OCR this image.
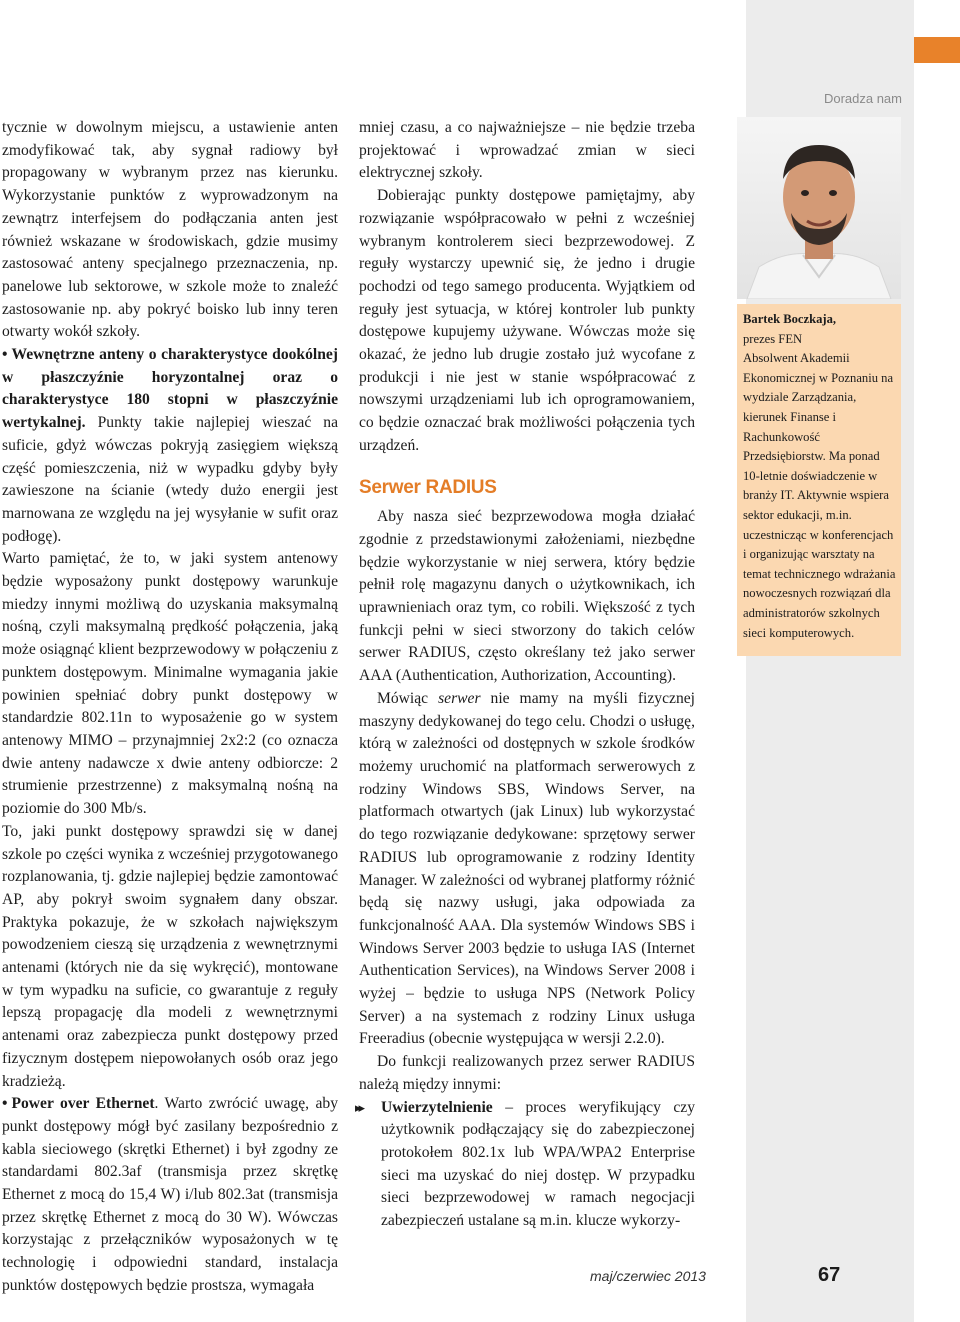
Doradza nam

tycznie w dowolnym miejscu, a ustawienie anten zmodyfikować tak, aby sygnał radiowy był propagowany w wybranym przez nas kierunku. Wykorzystanie punktów z wyprowadzonym na zewnątrz interfejsem do podłączania anten jest również wskazane w środowiskach, gdzie musimy zastosować anteny specjalnego przeznaczenia, np. panelowe lub sektorowe, w szkole może to znaleźć zastosowanie np. aby pokryć boisko lub inny teren otwarty wokół szkoły.

• Wewnętrzne anteny o charakterystyce dookólnej w płaszczyźnie horyzontalnej oraz o charakterystyce 180 stopni w płaszczyźnie wertykalnej. Punkty takie najlepiej wieszać na suficie, gdyż wówczas pokryją zasięgiem większą część pomieszczenia, niż w wypadku gdyby były zawieszone na ścianie (wtedy dużo energii jest marnowana ze względu na jej wysyłanie w sufit oraz podłogę).

Warto pamiętać, że to, w jaki system antenowy będzie wyposażony punkt dostępowy warunkuje miedzy innymi możliwą do uzyskania maksymalną nośną, czyli maksymalną prędkość połączenia, jaką może osiągnąć klient bezprzewodowy w połączeniu z punktem dostępowym. Minimalne wymagania jakie powinien spełniać dobry punkt dostępowy w standardzie 802.11n to wyposażenie go w system antenowy MIMO – przynajmniej 2x2:2 (co oznacza dwie anteny nadawcze x dwie anteny odbiorcze: 2 strumienie przestrzenne) z maksymalną nośną na poziomie do 300 Mb/s.

To, jaki punkt dostępowy sprawdzi się w danej szkole po części wynika z wcześniej przygotowanego rozplanowania, tj. gdzie najlepiej będzie zamontować AP, aby pokrył swoim sygnałem dany obszar. Praktyka pokazuje, że w szkołach największym powodzeniem cieszą się urządzenia z wewnętrznymi antenami (których nie da się wykręcić), montowane w tym wypadku na suficie, co gwarantuje z reguły lepszą propagację dla modeli z wewnętrznymi antenami oraz zabezpiecza punkt dostępowy przed fizycznym dostępem niepowołanych osób oraz jego kradzieżą.

• Power over Ethernet. Warto zwrócić uwagę, aby punkt dostępowy mógł być zasilany bezpośrednio z kabla sieciowego (skrętki Ethernet) i był zgodny ze standardami 802.3af (transmisja przez skrętkę Ethernet z mocą do 15,4 W) i/lub 802.3at (transmisja przez skrętkę Ethernet z mocą do 30 W). Wówczas korzystając z przełączników wyposażonych w tę technologię i odpowiedni standard, instalacja punktów dostępowych będzie prostsza, wymagała

mniej czasu, a co najważniejsze – nie będzie trzeba projektować i wprowadzać zmian w sieci elektrycznej szkoły.

Dobierając punkty dostępowe pamiętajmy, aby rozwiązanie współpracowało w pełni z wcześniej wybranym kontrolerem sieci bezprzewodowej. Z reguły wystarczy upewnić się, że jedno i drugie pochodzi od tego samego producenta. Wyjątkiem od reguły jest sytuacja, w której kontroler lub punkty dostępowe kupujemy używane. Wówczas może się okazać, że jedno lub drugie zostało już wycofane z produkcji i nie jest w stanie współpracować z nowszymi urządzeniami lub ich oprogramowaniem, co będzie oznaczać brak możliwości połączenia tych urządzeń.

Serwer RADIUS

Aby nasza sieć bezprzewodowa mogła działać zgodnie z przedstawionymi założeniami, niezbędne będzie wykorzystanie w niej serwera, który będzie pełnił rolę magazynu danych o użytkownikach, ich uprawnieniach oraz tym, co robili. Większość z tych funkcji pełni w sieci stworzony do takich celów serwer RADIUS, często określany też jako serwer AAA (Authentication, Authorization, Accounting).

Mówiąc serwer nie mamy na myśli fizycznej maszyny dedykowanej do tego celu. Chodzi o usługę, którą w zależności od dostępnych w szkole środków możemy uruchomić na platformach serwerowych z rodziny Windows SBS, Windows Server, na platformach otwartych (jak Linux) lub wykorzystać do tego rozwiązanie dedykowane: sprzętowy serwer RADIUS lub oprogramowanie z rodziny Identity Manager. W zależności od wybranej platformy różnić będą się nazwy usługi, jaka odpowiada za funkcjonalność AAA. Dla systemów Windows SBS i Windows Server 2003 będzie to usługa IAS (Internet Authentication Services), na Windows Server 2008 i wyżej – będzie to usługa NPS (Network Policy Server) a na systemach z rodziny Linux usługa Freeradius (obecnie występująca w wersji 2.2.0).

Do funkcji realizowanych przez serwer RADIUS należą między innymi:

▸▸ Uwierzytelnienie – proces weryfikujący czy użytkownik podłączający się do zabezpieczonej protokołem 802.1x lub WPA/WPA2 Enterprise sieci ma uzyskać do niej dostęp. W przypadku sieci bezprzewodowej w ramach negocjacji zabezpieczeń ustalane są m.in. klucze wykorzy-

Bartek Boczkaja,

prezes FEN

Absolwent Akademii Ekonomicznej w Poznaniu na wydziale Zarządzania, kierunek Finanse i Rachunkowość Przedsiębiorstw. Ma ponad 10-letnie doświadczenie w branży IT. Aktywnie wspiera sektor edukacji, m.in. uczestnicząc w konferencjach i organizując warsztaty na temat technicznego wdrażania nowoczesnych rozwiązań dla administratorów szkolnych sieci komputerowych.

maj/czerwiec 2013	67
